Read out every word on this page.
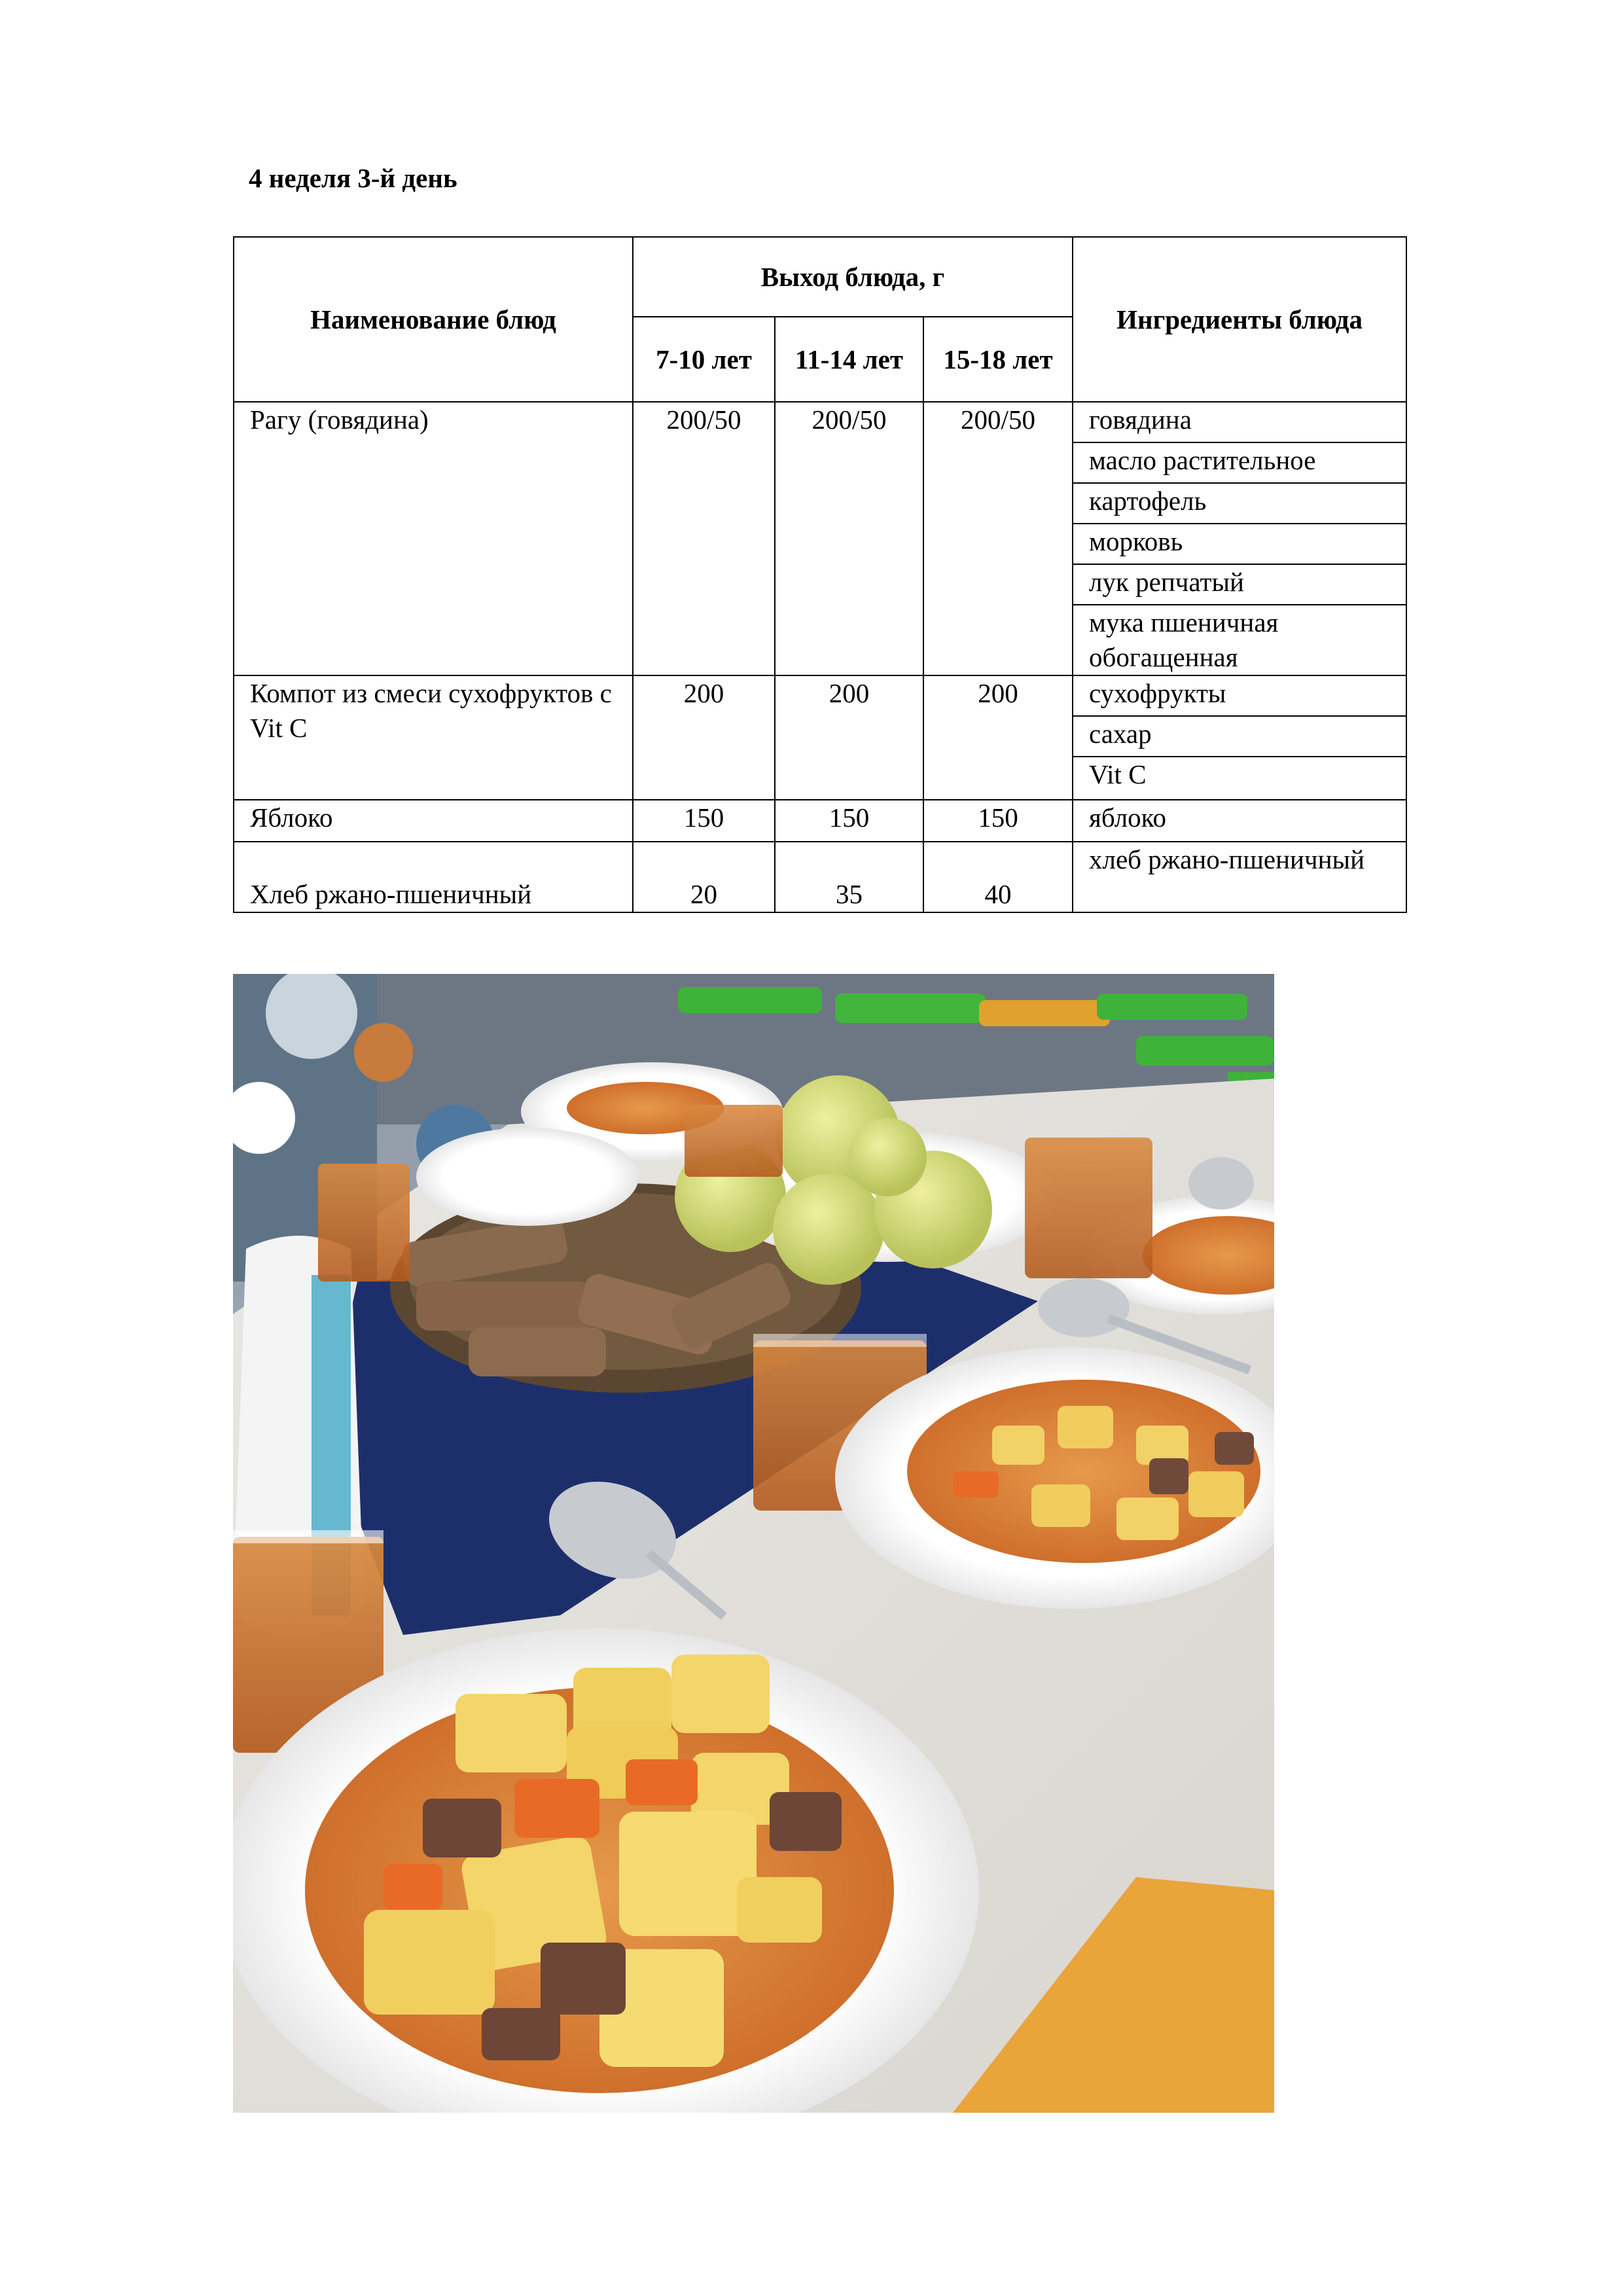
4 неделя 3-й день
Наименование блюд	Выход блюда, г			Ингредиенты блюда
	7-10 лет	11-14 лет	15-18 лет	
Рагу (говядина)	200/50	200/50	200/50	говядина
				масло растительное
				картофель
				морковь
				лук репчатый
				мука пшеничная обогащенная
Компот из смеси сухофруктов с Vit C	200	200	200	сухофрукты
				сахар
				Vit C
Яблоко	150	150	150	яблоко
Хлеб ржано-пшеничный	20	35	40	хлеб ржано-пшеничный
